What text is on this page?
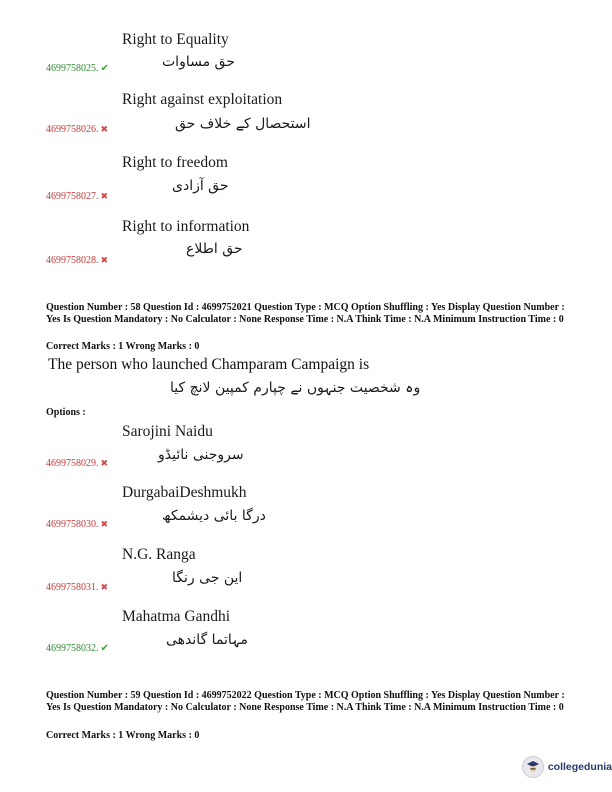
Right to Equality
حق مساوات
4699758025. ✔
Right against exploitation
استحصال کے خلاف حق
4699758026. ✖
Right to freedom
حق آزادی
4699758027. ✖
Right to information
حق اطلاع
4699758028. ✖
Question Number : 58 Question Id : 4699752021 Question Type : MCQ Option Shuffling : Yes Display Question Number : Yes Is Question Mandatory : No Calculator : None Response Time : N.A Think Time : N.A Minimum Instruction Time : 0
Correct Marks : 1 Wrong Marks : 0
The person who launched Champaram Campaign is
وہ شخصیت جنہوں نے چپارم کمپین لانچ کیا
Options :
Sarojini Naidu
سروجنی نائیڈو
4699758029. ✖
DurgabaiDeshmukh
درگا بائی دیشمکھ
4699758030. ✖
N.G. Ranga
این جی رنگا
4699758031. ✖
Mahatma Gandhi
مہاتما گاندھی
4699758032. ✔
Question Number : 59 Question Id : 4699752022 Question Type : MCQ Option Shuffling : Yes Display Question Number : Yes Is Question Mandatory : No Calculator : None Response Time : N.A Think Time : N.A Minimum Instruction Time : 0
Correct Marks : 1 Wrong Marks : 0
collegedunia
